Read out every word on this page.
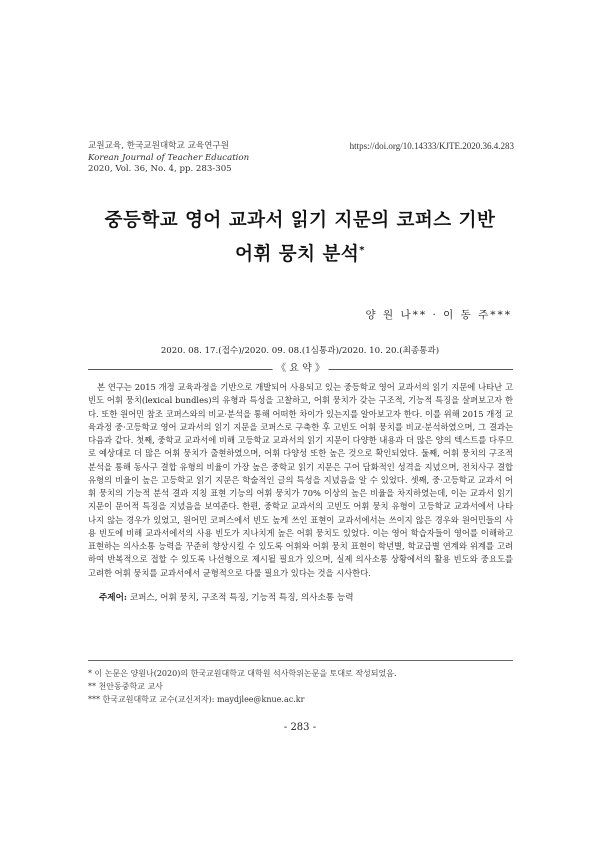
교원교육, 한국교원대학교 교육연구원
Korean Journal of Teacher Education
2020, Vol. 36, No. 4, pp. 283-305
https://doi.org/10.14333/KJTE.2020.36.4.283
중등학교 영어 교과서 읽기 지문의 코퍼스 기반
어휘 뭉치 분석*
양 원 나** · 이 동 주***
2020. 08. 17.(접수)/2020. 09. 08.(1심통과)/2020. 10. 20.(최종통과)
《 요 약 》

본 연구는 2015 개정 교육과정을 기반으로 개발되어 사용되고 있는 중등학교 영어 교과서의 읽기 지문에 나타난 고빈도 어휘 뭉치(lexical bundles)의 유형과 특성을 고찰하고, 어휘 뭉치가 갖는 구조적, 기능적 특징을 살펴보고자 한다. 또한 원어민 참조 코퍼스와의 비교·분석을 통해 어떠한 차이가 있는지를 알아보고자 한다. 이를 위해 2015 개정 교육과정 중·고등학교 영어 교과서의 읽기 지문을 코퍼스로 구축한 후 고빈도 어휘 뭉치를 비교·분석하였으며, 그 결과는 다음과 같다. 첫째, 중학교 교과서에 비해 고등학교 교과서의 읽기 지문이 다양한 내용과 더 많은 양의 텍스트를 다루므로 예상대로 더 많은 어휘 뭉치가 출현하였으며, 어휘 다양성 또한 높은 것으로 확인되었다. 둘째, 어휘 뭉치의 구조적 분석을 통해 동사구 결합 유형의 비율이 가장 높은 중학교 읽기 지문은 구어 담화적인 성격을 지녔으며, 전치사구 결합 유형의 비율이 높은 고등학교 읽기 지문은 학술적인 글의 특성을 지녔음을 알 수 있었다. 셋째, 중·고등학교 교과서 어휘 뭉치의 기능적 분석 결과 지칭 표현 기능의 어휘 뭉치가 70% 이상의 높은 비율을 차지하였는데, 이는 교과서 읽기 지문이 문어적 특징을 지녔음을 보여준다. 한편, 중학교 교과서의 고빈도 어휘 뭉치 유형이 고등학교 교과서에서 나타나지 않는 경우가 있었고, 원어민 코퍼스에서 빈도 높게 쓰인 표현이 교과서에서는 쓰이지 않은 경우와 원어민들의 사용 빈도에 비해 교과서에서의 사용 빈도가 지나치게 높은 어휘 뭉치도 있었다. 이는 영어 학습자들이 영어를 이해하고 표현하는 의사소통 능력을 꾸준히 향상시킬 수 있도록 어휘와 어휘 뭉치 표현이 학년별, 학교급별 연계와 위계를 고려하여 반복적으로 접할 수 있도록 나선형으로 제시될 필요가 있으며, 실제 의사소통 상황에서의 활용 빈도와 중요도를 고려한 어휘 뭉치를 교과서에서 균형적으로 다룰 필요가 있다는 것을 시사한다.

주제어: 코퍼스, 어휘 뭉치, 구조적 특징, 기능적 특징, 의사소통 능력
* 이 논문은 양원나(2020)의 한국교원대학교 대학원 석사학위논문을 토대로 작성되었음.
** 천안동중학교 교사
*** 한국교원대학교 교수(교신저자): maydjlee@knue.ac.kr
- 283 -
